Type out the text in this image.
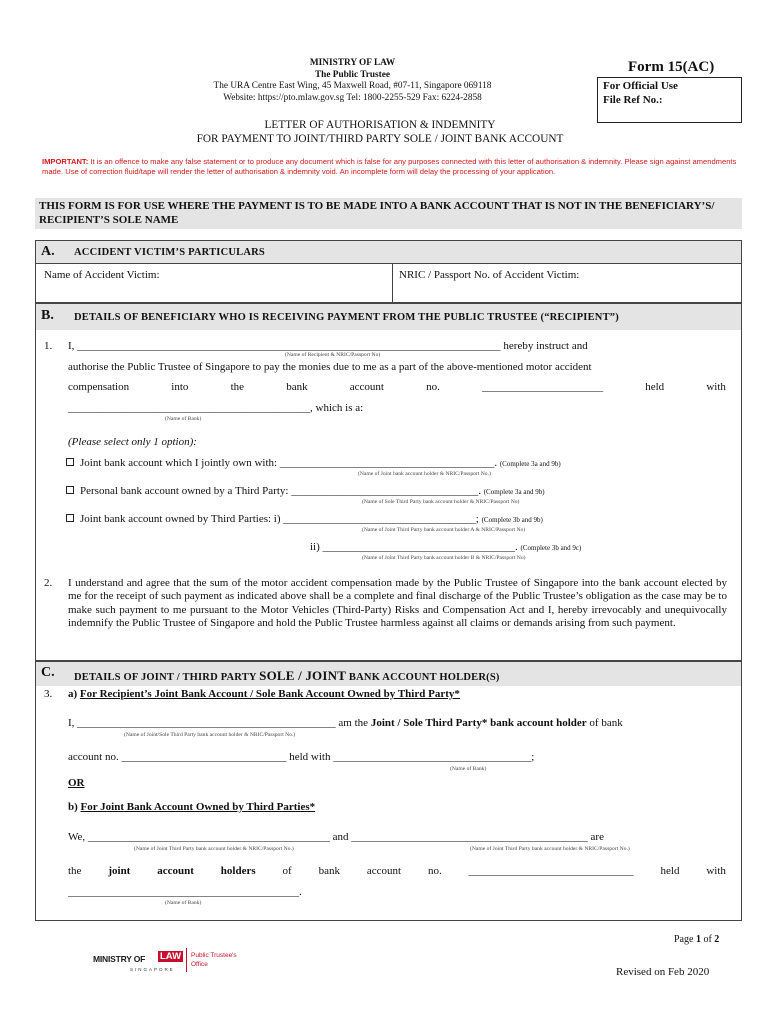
MINISTRY OF LAW
The Public Trustee
The URA Centre East Wing, 45 Maxwell Road, #07-11, Singapore 069118
Website: https://pto.mlaw.gov.sg Tel: 1800-2255-529 Fax: 6224-2858
Form 15(AC)
For Official Use
File Ref No.:
LETTER OF AUTHORISATION & INDEMNITY
FOR PAYMENT TO JOINT/THIRD PARTY SOLE / JOINT BANK ACCOUNT
IMPORTANT: It is an offence to make any false statement or to produce any document which is false for any purposes connected with this letter of authorisation & indemnity. Please sign against amendments made. Use of correction fluid/tape will render the letter of authorisation & indemnity void. An incomplete form will delay the processing of your application.
THIS FORM IS FOR USE WHERE THE PAYMENT IS TO BE MADE INTO A BANK ACCOUNT THAT IS NOT IN THE BENEFICIARY’S/ RECIPIENT’S SOLE NAME
A. ACCIDENT VICTIM’S PARTICULARS
Name of Accident Victim:	NRIC / Passport No. of Accident Victim:
B. DETAILS OF BENEFICIARY WHO IS RECEIVING PAYMENT FROM THE PUBLIC TRUSTEE (“RECIPIENT”)
1. I, _____________________________________________________________________________ hereby instruct and
(Name of Recipient & NRIC/Passport No)
authorise the Public Trustee of Singapore to pay the monies due to me as a part of the above-mentioned motor accident
compensation	into	the	bank	account	no.	______________________	held	with
____________________________________________, which is a:
(Name of Bank)
(Please select only 1 option):
Joint bank account which I jointly own with: _______________________________________. (Complete 3a and 9b)
(Name of Joint bank account holder & NRIC/Passport No.)
Personal bank account owned by a Third Party: __________________________________. (Complete 3a and 9b)
(Name of Sole Third Party bank account holder & NRIC/Passport No)
Joint bank account owned by Third Parties: i) ___________________________________; (Complete 3b and 9b)
(Name of Joint Third Party bank account holder A & NRIC/Passport No)
ii) ___________________________________. (Complete 3b and 9c)
(Name of Joint Third Party bank account holder B & NRIC/Passport No)
2. I understand and agree that the sum of the motor accident compensation made by the Public Trustee of Singapore into the bank account elected by me for the receipt of such payment as indicated above shall be a complete and final discharge of the Public Trustee’s obligation as the case may be to make such payment to me pursuant to the Motor Vehicles (Third-Party) Risks and Compensation Act and I, hereby irrevocably and unequivocally indemnify the Public Trustee of Singapore and hold the Public Trustee harmless against all claims or demands arising from such payment.
C. DETAILS OF JOINT / THIRD PARTY SOLE / JOINT BANK ACCOUNT HOLDER(S)
3. a) For Recipient’s Joint Bank Account / Sole Bank Account Owned by Third Party*
I, _______________________________________________ am the Joint / Sole Third Party* bank account holder of bank
(Name of Joint/Sole Third Party bank account holder & NRIC/Passport No.)
account no. ______________________________ held with ____________________________________;
(Name of Bank)
OR
b) For Joint Bank Account Owned by Third Parties*
We, ____________________________________________ and ___________________________________________ are
(Name of Joint Third Party bank account holder & NRIC/Passport No.)	(Name of Joint Third Party bank account holder & NRIC/Passport No.)
the joint account holders of bank account no. ______________________________ held with
__________________________________________.
(Name of Bank)
Page 1 of 2
MINISTRY OF LAW
SINGAPORE
Public Trustee's
Office
Revised on Feb 2020
